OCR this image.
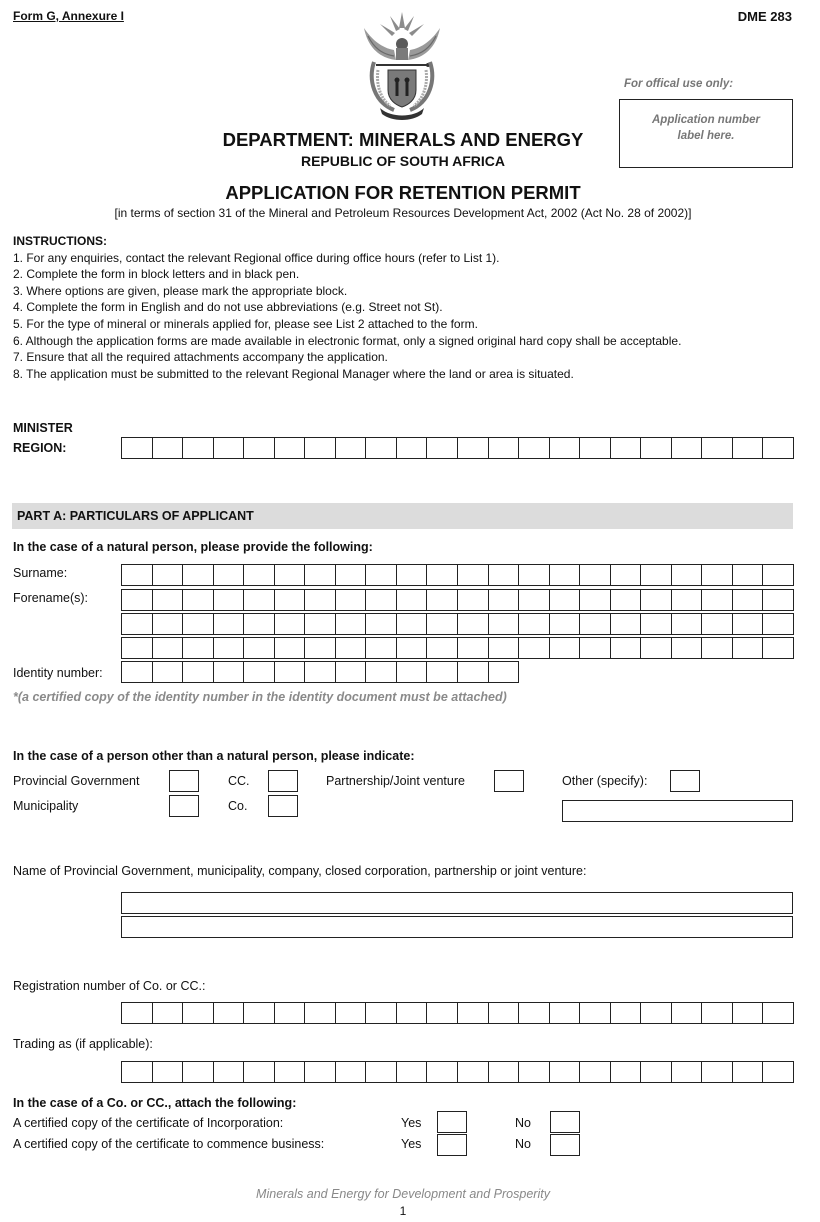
Form G, Annexure I	DME 283
For offical use only:
Application number
label here.
DEPARTMENT: MINERALS AND ENERGY
REPUBLIC OF SOUTH AFRICA
APPLICATION FOR RETENTION PERMIT
[in terms of section 31 of the Mineral and Petroleum Resources Development Act, 2002 (Act No. 28 of 2002)]
INSTRUCTIONS:
1. For any enquiries, contact the relevant Regional office during office hours (refer to List 1).
2. Complete the form in block letters and in black pen.
3. Where options are given, please mark the appropriate block.
4. Complete the form in English and do not use abbreviations (e.g. Street not St).
5. For the type of mineral or minerals applied for, please see List 2 attached to the form.
6. Although the application forms are made available in electronic format, only a signed original hard copy shall be acceptable.
7. Ensure that all the required attachments accompany the application.
8. The application must be submitted to the relevant Regional Manager where the land or area is situated.
MINISTER
REGION:
PART A: PARTICULARS OF APPLICANT
In the case of a natural person, please provide the following:
Surname:
Forename(s):
Identity number:
*(a certified copy of the identity number in the identity document must be attached)
In the case of a person other than a natural person, please indicate:
Provincial Government	CC.	Partnership/Joint venture	Other (specify):
Municipality	Co.
Name of Provincial Government, municipality, company, closed corporation, partnership or joint venture:
Registration number of Co. or CC.:
Trading as (if applicable):
In the case of a Co. or CC., attach the following:
A certified copy of the certificate of Incorporation:	Yes	No
A certified copy of the certificate to commence business:	Yes	No
Minerals and Energy for Development and Prosperity
1
